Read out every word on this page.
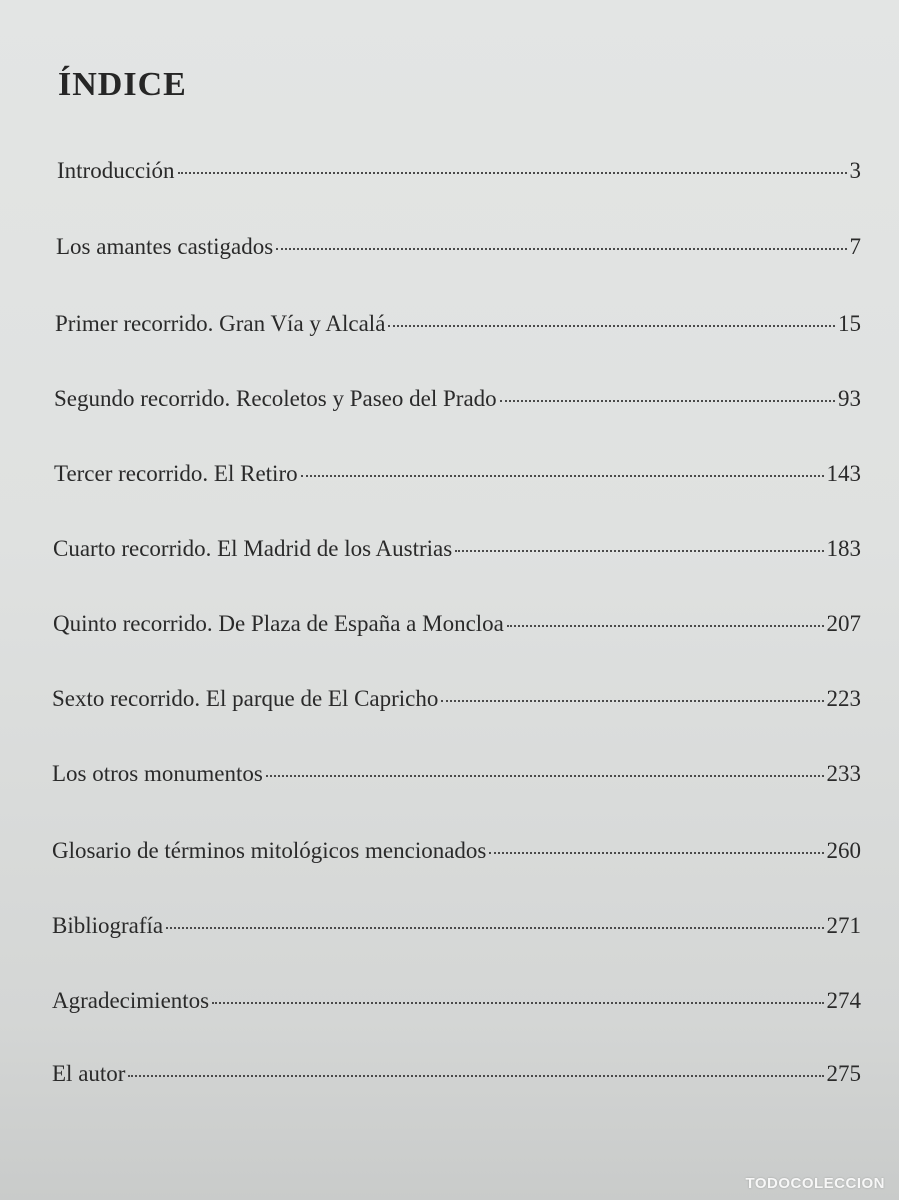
ÍNDICE
Introducción	3
Los amantes castigados	7
Primer recorrido. Gran Vía y Alcalá	15
Segundo recorrido. Recoletos y Paseo del Prado	93
Tercer recorrido. El Retiro	143
Cuarto recorrido. El Madrid de los Austrias	183
Quinto recorrido. De Plaza de España a Moncloa	207
Sexto recorrido. El parque de El Capricho	223
Los otros monumentos	233
Glosario de términos mitológicos mencionados	260
Bibliografía	271
Agradecimientos	274
El autor	275
TODOCOLECCION
